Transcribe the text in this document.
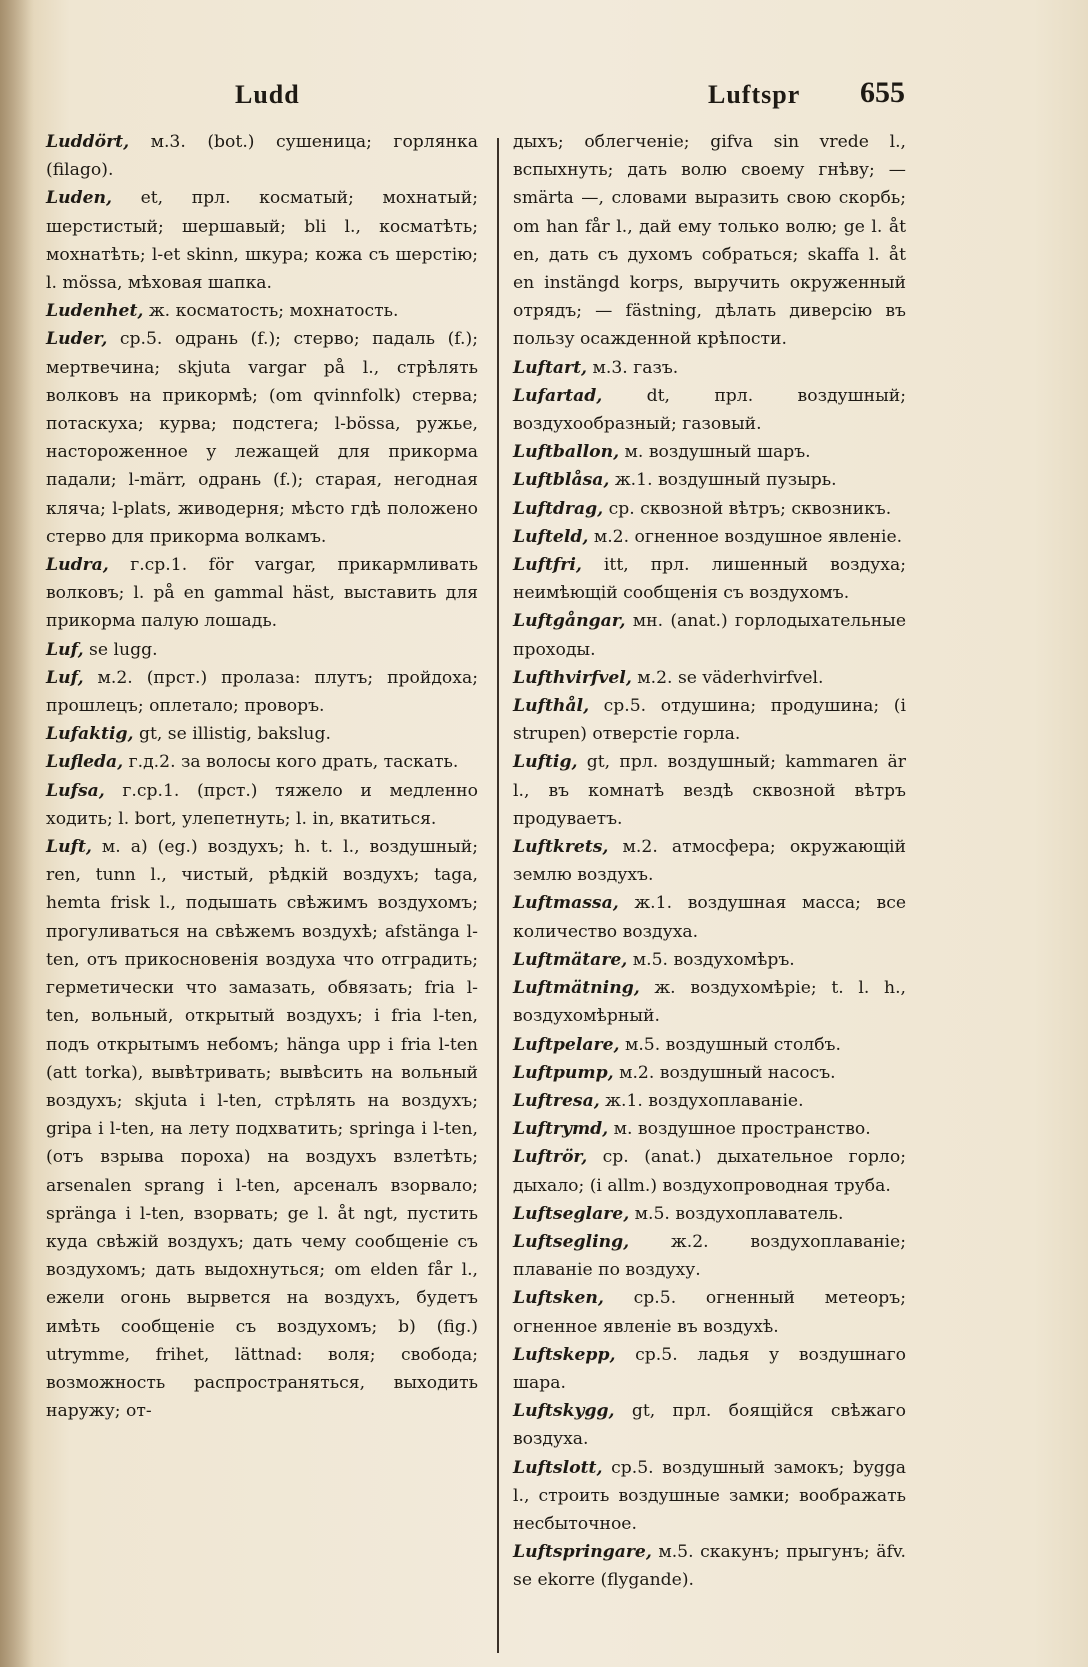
Ludd	Luftspr 655

Luddört, м.3. (bot.) сушеница; горлянка (filago).

Luden, et, прл. косматый; мохнатый; шерстистый; шершавый; bli l., косматѣть; мохнатѣть; l-et skinn, шкура; кожа съ шерстію; l. mössa, мѣховая шапка.

Ludenhet, ж. косматость; мохнатость.

Luder, ср.5. одрань (f.); стерво; падаль (f.); мертвечина; skjuta vargar på l., стрѣлять волковъ на прикормѣ; (om qvinnfolk) стерва; потаскуха; курва; подстега; l-bössa, ружье, настороженное у лежащей для прикорма падали; l-märr, одрань (f.); старая, негодная кляча; l-plats, живодерня; мѣсто гдѣ положено стерво для прикорма волкамъ.

Ludra, г.ср.1. för vargar, прикармливать волковъ; l. på en gammal häst, выставить для прикорма палую лошадь.

Luf, se lugg.

Luf, м.2. (прст.) пролаза: плутъ; пройдоха; прошлецъ; оплетало; проворъ.

Lufaktig, gt, se illistig, bakslug.

Lufleda, г.д.2. за волосы кого драть, таскать.

Lufsa, г.ср.1. (прст.) тяжело и медленно ходить; l. bort, улепетнуть; l. in, вкатиться.

Luft, м. a) (eg.) воздухъ; h. t. l., воздушный; ren, tunn l., чистый, рѣдкій воздухъ; taga, hemta frisk l., подышать свѣжимъ воздухомъ; прогуливаться на свѣжемъ воздухѣ; afstänga l-ten, отъ прикосновенія воздуха что отградить; герметически что замазать, обвязать; fria l-ten, вольный, открытый воздухъ; i fria l-ten, подъ открытымъ небомъ; hänga upp i fria l-ten (att torka), вывѣтривать; вывѣсить на вольный воздухъ; skjuta i l-ten, стрѣлять на воздухъ; gripa i l-ten, на лету подхватить; springa i l-ten, (отъ взрыва пороха) на воздухъ взлетѣть; arsenalen sprang i l-ten, арсеналъ взорвало; spränga i l-ten, взорвать; ge l. åt ngt, пустить куда свѣжій воздухъ; дать чему сообщеніе съ воздухомъ; дать выдохнуться; om elden får l., ежели огонь вырвется на воздухъ, будетъ имѣть сообщеніе съ воздухомъ; b) (fig.) utrymme, frihet, lättnad: воля; свобода; возможность распространяться, выходить наружу; от-

дыхъ; облегченіе; gifva sin vrede l., вспыхнуть; дать волю своему гнѣву; — smärta —, словами выразить свою скорбь; om han får l., дай ему только волю; ge l. åt en, дать съ духомъ собраться; skaffa l. åt en instängd korps, выручить окруженный отрядъ; — fästning, дѣлать диверсію въ пользу осажденной крѣпости.

Luftart, м.3. газъ.

Lufartad, dt, прл. воздушный; воздухообразный; газовый.

Luftballon, м. воздушный шаръ.

Luftblåsa, ж.1. воздушный пузырь.

Luftdrag, ср. сквозной вѣтръ; сквозникъ.

Lufteld, м.2. огненное воздушное явленіе.

Luftfri, itt, прл. лишенный воздуха; неимѣющій сообщенія съ воздухомъ.

Luftgångar, мн. (anat.) горлодыхательные проходы.

Lufthvirfvel, м.2. se väderhvirfvel.

Lufthål, ср.5. отдушина; продушина; (i strupen) отверстіе горла.

Luftig, gt, прл. воздушный; kammaren är l., въ комнатѣ вездѣ сквозной вѣтръ продуваетъ.

Luftkrets, м.2. атмосфера; окружающій землю воздухъ.

Luftmassa, ж.1. воздушная масса; все количество воздуха.

Luftmätare, м.5. воздухомѣръ.

Luftmätning, ж. воздухомѣріе; t. l. h., воздухомѣрный.

Luftpelare, м.5. воздушный столбъ.

Luftpump, м.2. воздушный насосъ.

Luftresa, ж.1. воздухоплаваніе.

Luftrymd, м. воздушное пространство.

Luftrör, ср. (anat.) дыхательное горло; дыхало; (i allm.) воздухопроводная труба.

Luftseglare, м.5. воздухоплаватель.

Luftsegling, ж.2. воздухоплаваніе; плаваніе по воздуху.

Luftsken, ср.5. огненный метеоръ; огненное явленіе въ воздухѣ.

Luftskepp, ср.5. ладья у воздушнаго шара.

Luftskygg, gt, прл. боящійся свѣжаго воздуха.

Luftslott, ср.5. воздушный замокъ; bygga l., строить воздушные замки; воображать несбыточное.

Luftspringare, м.5. скакунъ; прыгунъ; äfv. se ekorre (flygande).
